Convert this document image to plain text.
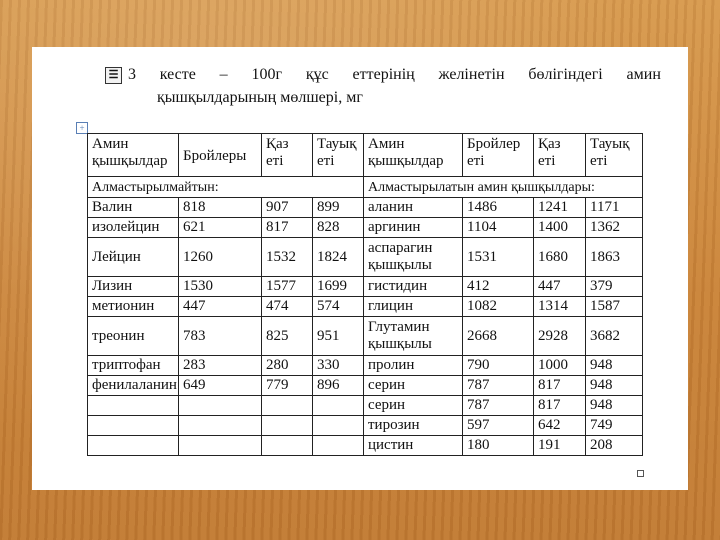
☰ 3 кесте – 100г құс еттерінің желінетін бөлігіндегі амин
қышқылдарының мөлшері, мг
+
Амин қышқылдар	Бройлеры	Қаз еті	Тауық еті	Амин қышқылдар	Бройлер еті	Қаз еті	Тауық еті
Алмастырылмайтын:				Алмастырылатын амин қышқылдары:			
Валин	818	907	899	аланин	1486	1241	1171
изолейцин	621	817	828	аргинин	1104	1400	1362
Лейцин	1260	1532	1824	аспарагин қышқылы	1531	1680	1863
Лизин	1530	1577	1699	гистидин	412	447	379
метионин	447	474	574	глицин	1082	1314	1587
треонин	783	825	951	Глутамин қышқылы	2668	2928	3682
триптофан	283	280	330	пролин	790	1000	948
фенилаланин	649	779	896	серин	787	817	948
				серин	787	817	948
				тирозин	597	642	749
				цистин	180	191	208
